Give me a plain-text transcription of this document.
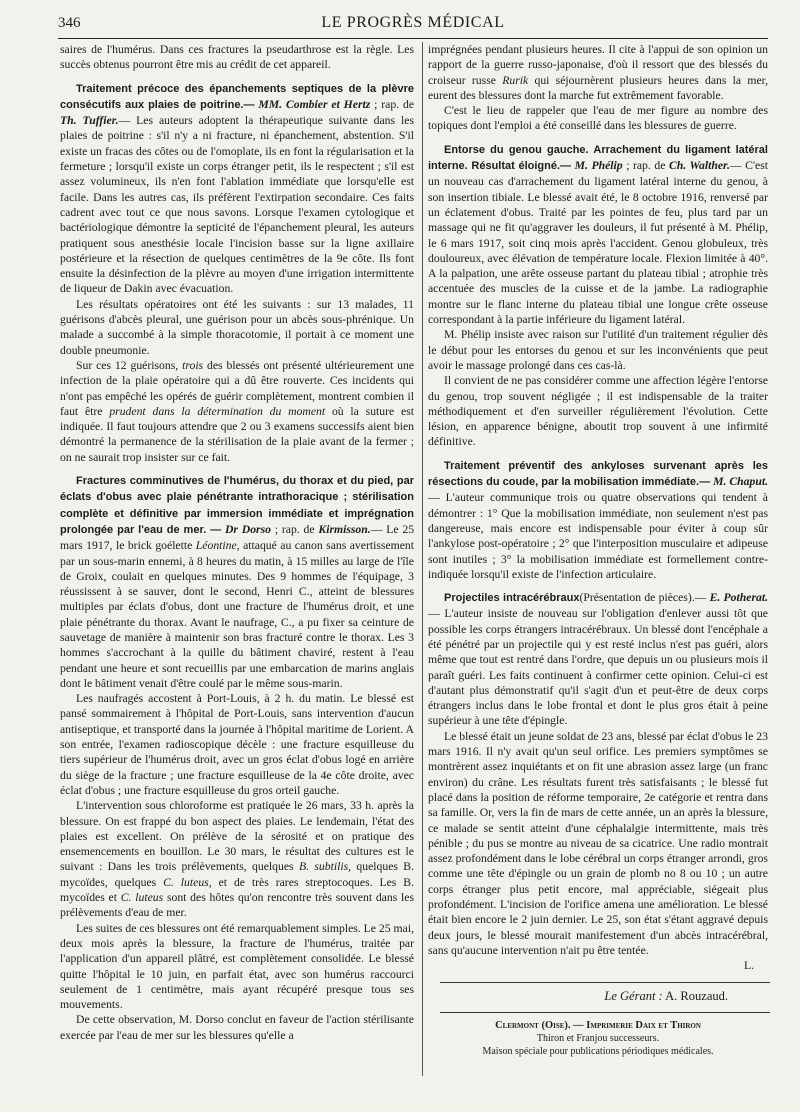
346	LE PROGRÈS MÉDICAL

saires de l'humérus. Dans ces fractures la pseudarthrose est la règle. Les succès obtenus pourront être mis au crédit de cet appareil.

Traitement précoce des épanchements septiques de la plèvre consécutifs aux plaies de poitrine.— MM. Combier et Hertz ; rap. de Th. Tuffier.— Les auteurs adoptent la thérapeutique suivante dans les plaies de poitrine : s'il n'y a ni fracture, ni épanchement, abstention. S'il existe un fracas des côtes ou de l'omoplate, ils en font la régularisation et la fermeture ; lorsqu'il existe un corps étranger petit, ils le respectent ; s'il est assez volumineux, ils n'en font l'ablation immédiate que lorsqu'elle est facile. Dans les autres cas, ils préfèrent l'extirpation secondaire. Ces faits cadrent avec tout ce que nous savons. Lorsque l'examen cytologique et bactériologique démontre la septicité de l'épanchement pleural, les auteurs pratiquent sous anesthésie locale l'incision basse sur la ligne axillaire postérieure et la résection de quelques centimètres de la 9e côte. Ils font ensuite la désinfection de la plèvre au moyen d'une irrigation intermittente de liqueur de Dakin avec évacuation.

Les résultats opératoires ont été les suivants : sur 13 malades, 11 guérisons d'abcès pleural, une guérison pour un abcès sous-phrénique. Un malade a succombé à la simple thoracotomie, il portait à ce moment une double pneumonie.

Sur ces 12 guérisons, trois des blessés ont présenté ultérieurement une infection de la plaie opératoire qui a dû être rouverte. Ces incidents qui n'ont pas empêché les opérés de guérir complètement, montrent combien il faut être prudent dans la détermination du moment où la suture est indiquée. Il faut toujours attendre que 2 ou 3 examens successifs aient bien démontré la permanence de la stérilisation de la plaie avant de la fermer ; on ne saurait trop insister sur ce fait.

Fractures comminutives de l'humérus, du thorax et du pied, par éclats d'obus avec plaie pénétrante intrathoracique ; stérilisation complète et définitive par immersion immédiate et imprégnation prolongée par l'eau de mer. — Dr Dorso ; rap. de Kirmisson.— Le 25 mars 1917, le brick goélette Léontine, attaqué au canon sans avertissement par un sous-marin ennemi, à 8 heures du matin, à 15 milles au large de l'île de Groix, coulait en quelques minutes. Des 9 hommes de l'équipage, 3 réussissent à se sauver, dont le second, Henri C., atteint de blessures multiples par éclats d'obus, dont une fracture de l'humérus droit, et une plaie pénétrante du thorax. Avant le naufrage, C., a pu fixer sa ceinture de sauvetage de manière à maintenir son bras fracturé contre le thorax. Les 3 hommes s'accrochant à la quille du bâtiment chaviré, restent à l'eau pendant une heure et sont recueillis par une embarcation de marins anglais dont le bâtiment venait d'être coulé par le même sous-marin.

Les naufragés accostent à Port-Louis, à 2 h. du matin. Le blessé est pansé sommairement à l'hôpital de Port-Louis, sans intervention d'aucun antiseptique, et transporté dans la journée à l'hôpital maritime de Lorient. A son entrée, l'examen radioscopique décèle : une fracture esquilleuse du tiers supérieur de l'humérus droit, avec un gros éclat d'obus logé en arrière du siège de la fracture ; une fracture esquilleuse de la 4e côte droite, avec éclat d'obus ; une fracture esquilleuse du gros orteil gauche.

L'intervention sous chloroforme est pratiquée le 26 mars, 33 h. après la blessure. On est frappé du bon aspect des plaies. Le lendemain, l'état des plaies est excellent. On prélève de la sérosité et on pratique des ensemencements en bouillon. Le 30 mars, le résultat des cultures est le suivant : Dans les trois prélèvements, quelques B. subtilis, quelques B. mycoïdes, quelques C. luteus, et de très rares streptocoques. Les B. mycoïdes et C. luteus sont des hôtes qu'on rencontre très souvent dans les prélèvements d'eau de mer.

Les suites de ces blessures ont été remarquablement simples. Le 25 mai, deux mois après la blessure, la fracture de l'humérus, traitée par l'application d'un appareil plâtré, est complètement consolidée. Le blessé quitte l'hôpital le 10 juin, en parfait état, avec son humérus raccourci seulement de 1 centimètre, mais ayant récupéré presque tous ses mouvements.

De cette observation, M. Dorso conclut en faveur de l'action stérilisante exercée par l'eau de mer sur les blessures qu'elle a

imprégnées pendant plusieurs heures. Il cite à l'appui de son opinion un rapport de la guerre russo-japonaise, d'où il ressort que des blessés du croiseur russe Rurik qui séjournèrent plusieurs heures dans la mer, eurent des blessures dont la marche fut extrêmement favorable.

C'est le lieu de rappeler que l'eau de mer figure au nombre des topiques dont l'emploi a été conseillé dans les blessures de guerre.

Entorse du genou gauche. Arrachement du ligament latéral interne. Résultat éloigné.— M. Phélip ; rap. de Ch. Walther.— C'est un nouveau cas d'arrachement du ligament latéral interne du genou, à son insertion tibiale. Le blessé avait été, le 8 octobre 1916, renversé par un éclatement d'obus. Traité par les pointes de feu, plus tard par un massage qui ne fit qu'aggraver les douleurs, il fut présenté à M. Phélip, le 6 mars 1917, soit cinq mois après l'accident. Genou globuleux, très douloureux, avec élévation de température locale. Flexion limitée à 40°. A la palpation, une arête osseuse partant du plateau tibial ; atrophie très accentuée des muscles de la cuisse et de la jambe. La radiographie montre sur le flanc interne du plateau tibial une longue crête osseuse correspondant à la partie inférieure du ligament latéral.

M. Phélip insiste avec raison sur l'utilité d'un traitement régulier dès le début pour les entorses du genou et sur les inconvénients que peut avoir le massage prolongé dans ces cas-là.

Il convient de ne pas considérer comme une affection légère l'entorse du genou, trop souvent négligée ; il est indispensable de la traiter méthodiquement et d'en surveiller régulièrement l'évolution. Cette lésion, en apparence bénigne, aboutit trop souvent à une infirmité définitive.

Traitement préventif des ankyloses survenant après les résections du coude, par la mobilisation immédiate.— M. Chaput.— L'auteur communique trois ou quatre observations qui tendent à démontrer : 1° Que la mobilisation immédiate, non seulement n'est pas dangereuse, mais encore est indispensable pour éviter à coup sûr l'ankylose post-opératoire ; 2° que l'interposition musculaire et adipeuse sont inutiles ; 3° la mobilisation immédiate est formellement contre-indiquée lorsqu'il existe de l'infection articulaire.

Projectiles intracérébraux(Présentation de pièces).— E. Potherat.— L'auteur insiste de nouveau sur l'obligation d'enlever aussi tôt que possible les corps étrangers intracérébraux. Un blessé dont l'encéphale a été pénétré par un projectile qui y est resté inclus n'est pas guéri, alors même que tout est rentré dans l'ordre, que depuis un ou plusieurs mois il paraît guéri. Les faits continuent à confirmer cette opinion. Celui-ci est d'autant plus démonstratif qu'il s'agit d'un et peut-être de deux corps étrangers inclus dans le lobe frontal et dont le plus gros était à peine supérieur à une tête d'épingle.

Le blessé était un jeune soldat de 23 ans, blessé par éclat d'obus le 23 mars 1916. Il n'y avait qu'un seul orifice. Les premiers symptômes se montrèrent assez inquiétants et on fit une abrasion assez large (un franc environ) du crâne. Les résultats furent très satisfaisants ; le blessé fut placé dans la position de réforme temporaire, 2e catégorie et rentra dans sa famille. Or, vers la fin de mars de cette année, un an après la blessure, ce malade se sentit atteint d'une céphalalgie intermittente, mais très pénible ; du pus se montre au niveau de sa cicatrice. Une radio montrait assez profondément dans le lobe cérébral un corps étranger arrondi, gros comme une tête d'épingle ou un grain de plomb no 8 ou 10 ; un autre corps étranger plus petit encore, mal appréciable, siégeait plus profondément. L'incision de l'orifice amena une amélioration. Le blessé était bien encore le 2 juin dernier. Le 25, son état s'étant aggravé depuis deux jours, le blessé mourait manifestement d'un abcès intracérébral, sans qu'aucune intervention n'ait pu être tentée.

L.

Le Gérant : A. Rouzaud.
Clermont (Oise). — Imprimerie Daix et Thiron
Thiron et Franjou successeurs.
Maison spéciale pour publications périodiques médicales.
